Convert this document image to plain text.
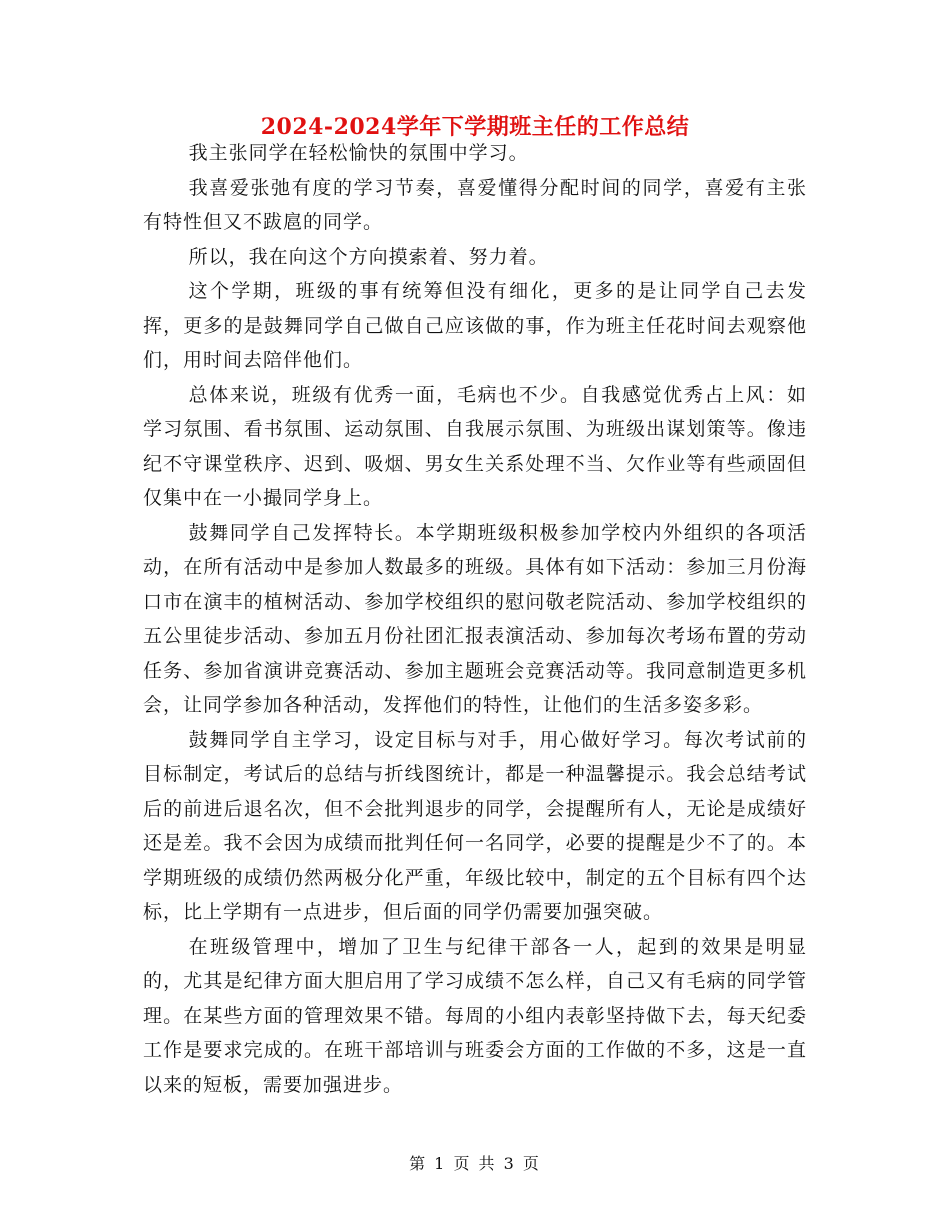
2024-2024学年下学期班主任的工作总结

我主张同学在轻松愉快的氛围中学习。

我喜爱张弛有度的学习节奏，喜爱懂得分配时间的同学，喜爱有主张有特性但又不跋扈的同学。

所以，我在向这个方向摸索着、努力着。

这个学期，班级的事有统筹但没有细化，更多的是让同学自己去发挥，更多的是鼓舞同学自己做自己应该做的事，作为班主任花时间去观察他们，用时间去陪伴他们。

总体来说，班级有优秀一面，毛病也不少。自我感觉优秀占上风：如学习氛围、看书氛围、运动氛围、自我展示氛围、为班级出谋划策等。像违纪不守课堂秩序、迟到、吸烟、男女生关系处理不当、欠作业等有些顽固但仅集中在一小撮同学身上。

鼓舞同学自己发挥特长。本学期班级积极参加学校内外组织的各项活动，在所有活动中是参加人数最多的班级。具体有如下活动：参加三月份海口市在演丰的植树活动、参加学校组织的慰问敬老院活动、参加学校组织的五公里徒步活动、参加五月份社团汇报表演活动、参加每次考场布置的劳动任务、参加省演讲竞赛活动、参加主题班会竞赛活动等。我同意制造更多机会，让同学参加各种活动，发挥他们的特性，让他们的生活多姿多彩。

鼓舞同学自主学习，设定目标与对手，用心做好学习。每次考试前的目标制定，考试后的总结与折线图统计，都是一种温馨提示。我会总结考试后的前进后退名次，但不会批判退步的同学，会提醒所有人，无论是成绩好还是差。我不会因为成绩而批判任何一名同学，必要的提醒是少不了的。本学期班级的成绩仍然两极分化严重，年级比较中，制定的五个目标有四个达标，比上学期有一点进步，但后面的同学仍需要加强突破。

在班级管理中，增加了卫生与纪律干部各一人，起到的效果是明显的，尤其是纪律方面大胆启用了学习成绩不怎么样，自己又有毛病的同学管理。在某些方面的管理效果不错。每周的小组内表彰坚持做下去，每天纪委工作是要求完成的。在班干部培训与班委会方面的工作做的不多，这是一直以来的短板，需要加强进步。

第 1 页 共 3 页
